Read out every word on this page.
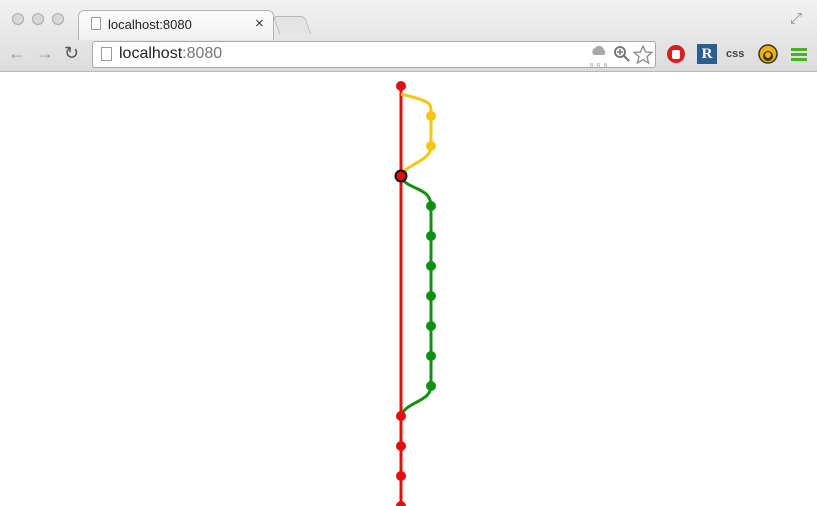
localhost:8080	×	⤢
← → ↻ localhost:8080
B R N
R	css
